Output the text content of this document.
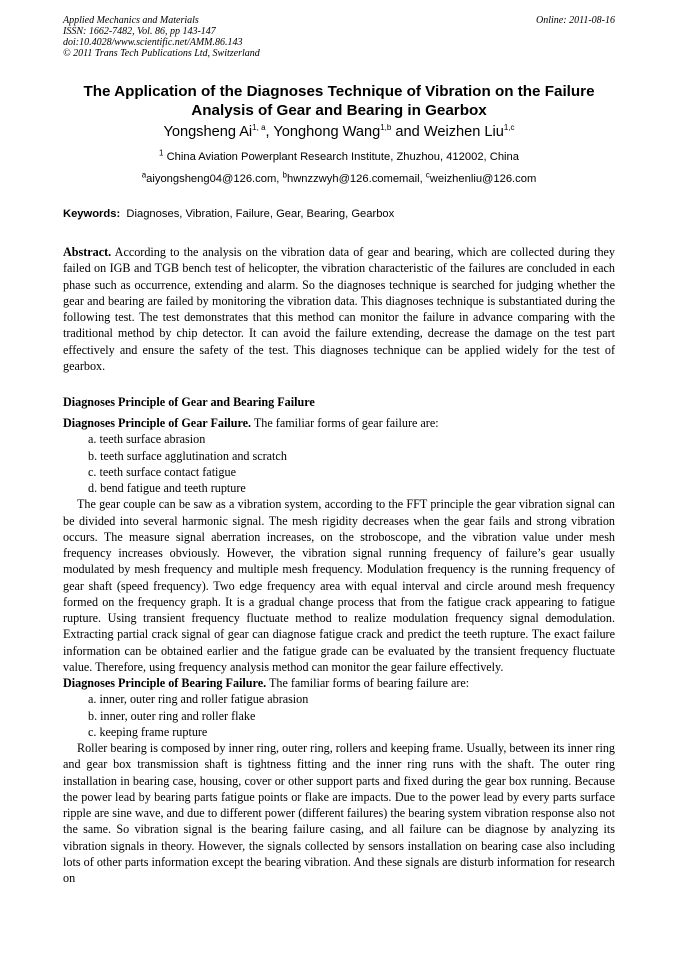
Applied Mechanics and Materials
ISSN: 1662-7482, Vol. 86, pp 143-147
doi:10.4028/www.scientific.net/AMM.86.143
© 2011 Trans Tech Publications Ltd, Switzerland
Online: 2011-08-16
The Application of the Diagnoses Technique of Vibration on the Failure Analysis of Gear and Bearing in Gearbox
Yongsheng Ai$^{1, a}$, Yonghong Wang$^{1,b}$ and Weizhen Liu$^{1,c}$
$^1$ China Aviation Powerplant Research Institute, Zhuzhou, 412002, China
$^a$aiyongsheng04@126.com, $^b$hwnzzwyh@126.comemail, $^c$weizhenliu@126.com
Keywords: Diagnoses, Vibration, Failure, Gear, Bearing, Gearbox
Abstract. According to the analysis on the vibration data of gear and bearing, which are collected during they failed on IGB and TGB bench test of helicopter, the vibration characteristic of the failures are concluded in each phase such as occurrence, extending and alarm. So the diagnoses technique is searched for judging whether the gear and bearing are failed by monitoring the vibration data. This diagnoses technique is substantiated during the following test. The test demonstrates that this method can monitor the failure in advance comparing with the traditional method by chip detector. It can avoid the failure extending, decrease the damage on the test part effectively and ensure the safety of the test. This diagnoses technique can be applied widely for the test of gearbox.
Diagnoses Principle of Gear and Bearing Failure

Diagnoses Principle of Gear Failure. The familiar forms of gear failure are:

a. teeth surface abrasion

b. teeth surface agglutination and scratch

c. teeth surface contact fatigue

d. bend fatigue and teeth rupture

The gear couple can be saw as a vibration system, according to the FFT principle the gear vibration signal can be divided into several harmonic signal. The mesh rigidity decreases when the gear fails and strong vibration occurs. The measure signal aberration increases, on the stroboscope, and the vibration value under mesh frequency increases obviously. However, the vibration signal running frequency of failure’s gear usually modulated by mesh frequency and multiple mesh frequency. Modulation frequency is the running frequency of gear shaft (speed frequency). Two edge frequency area with equal interval and circle around mesh frequency formed on the frequency graph. It is a gradual change process that from the fatigue crack appearing to fatigue rupture. Using transient frequency fluctuate method to realize modulation frequency signal demodulation. Extracting partial crack signal of gear can diagnose fatigue crack and predict the teeth rupture. The exact failure information can be obtained earlier and the fatigue grade can be evaluated by the transient frequency fluctuate value. Therefore, using frequency analysis method can monitor the gear failure effectively.

Diagnoses Principle of Bearing Failure. The familiar forms of bearing failure are:

a. inner, outer ring and roller fatigue abrasion

b. inner, outer ring and roller flake

c. keeping frame rupture

Roller bearing is composed by inner ring, outer ring, rollers and keeping frame. Usually, between its inner ring and gear box transmission shaft is tightness fitting and the inner ring runs with the shaft. The outer ring installation in bearing case, housing, cover or other support parts and fixed during the gear box running. Because the power lead by bearing parts fatigue points or flake are impacts. Due to the power lead by every parts surface ripple are sine wave, and due to different power (different failures) the bearing system vibration response also not the same. So vibration signal is the bearing failure casing, and all failure can be diagnose by analyzing its vibration signals in theory. However, the signals collected by sensors installation on bearing case also including lots of other parts information except the bearing vibration. And these signals are disturb information for research on
